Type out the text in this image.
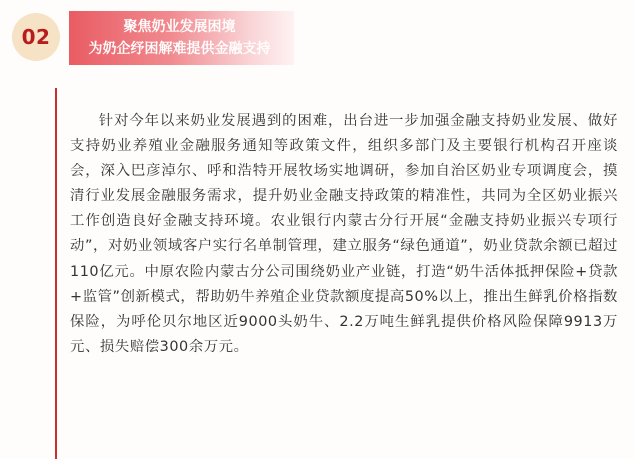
02	聚焦奶业发展困境
为奶企纾困解难提供金融支持

针对今年以来奶业发展遇到的困难，出台进一步加强金融支持奶业发展、做好支持奶业养殖业金融服务通知等政策文件，组织多部门及主要银行机构召开座谈会，深入巴彦淖尔、呼和浩特开展牧场实地调研，参加自治区奶业专项调度会，摸清行业发展金融服务需求，提升奶业金融支持政策的精准性，共同为全区奶业振兴工作创造良好金融支持环境。农业银行内蒙古分行开展“金融支持奶业振兴专项行动”，对奶业领域客户实行名单制管理，建立服务“绿色通道”，奶业贷款余额已超过110亿元。中原农险内蒙古分公司围绕奶业产业链，打造“奶牛活体抵押保险+贷款+监管”创新模式，帮助奶牛养殖企业贷款额度提高50%以上，推出生鲜乳价格指数保险，为呼伦贝尔地区近9000头奶牛、2.2万吨生鲜乳提供价格风险保障9913万元、损失赔偿300余万元。
